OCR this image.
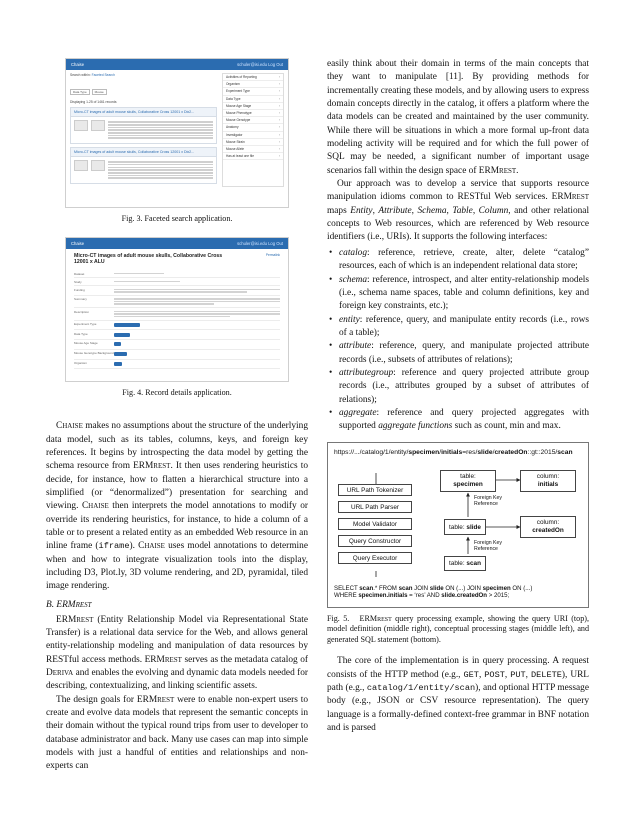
Chaise	schuler@isi.edu Log Out
Search within: Faceted Search
Data Type	Mouse
Displaying 1-25 of 1461 records
Micro-CT images of adult mouse skulls, Collaborative Cross 12001 x Dix2...
Micro-CT images of adult mouse skulls, Collaborative Cross 12001 x Dix2...
Activities of Reporting	›
Organism	›
Experiment Type	›
Data Type	›
Mouse Age Stage	›
Mouse Phenotype	›
Mouse Genotype	›
Anatomy	›
Investigator	›
Mouse Strain	›
Mouse Allele	›
Has at least one file	›
Fig. 3. Faceted search application.
Chaise	schuler@isi.edu Log Out
Micro-CT images of adult mouse skulls, Collaborative Cross 12001 x ALU
Permalink
Dataset
Study
Funding
Summary
Description
Experiment Type
Data Type
Mouse Age Stage
Mouse Genotype Background
Organism
Fig. 4. Record details application.

Chaise makes no assumptions about the structure of the underlying data model, such as its tables, columns, keys, and foreign key references. It begins by introspecting the data model by getting the schema resource from ERMrest. It then uses rendering heuristics to decide, for instance, how to flatten a hierarchical structure into a simplified (or “denormalized”) presentation for searching and viewing. Chaise then interprets the model annotations to modify or override its rendering heuristics, for instance, to hide a column of a table or to present a related entity as an embedded Web resource in an inline frame (iframe). Chaise uses model annotations to determine when and how to integrate visualization tools into the display, including D3, Plot.ly, 3D volume rendering, and 2D, pyramidal, tiled image rendering.

B. ERMrest

ERMrest (Entity Relationship Model via Representational State Transfer) is a relational data service for the Web, and allows general entity-relationship modeling and manipulation of data resources by RESTful access methods. ERMrest serves as the metadata catalog of Deriva and enables the evolving and dynamic data models needed for describing, contextualizing, and linking scientific assets.

The design goals for ERMrest were to enable non-expert users to create and evolve data models that represent the semantic concepts in their domain without the typical round trips from user to developer to database administrator and back. Many use cases can map into simple models with just a handful of entities and relationships and non-experts can

easily think about their domain in terms of the main concepts that they want to manipulate [11]. By providing methods for incrementally creating these models, and by allowing users to express domain concepts directly in the catalog, it offers a platform where the data models can be created and maintained by the user community. While there will be situations in which a more formal up-front data modeling activity will be required and for which the full power of SQL may be needed, a significant number of important usage scenarios fall within the design space of ERMrest.

Our approach was to develop a service that supports resource manipulation idioms common to RESTful Web services. ERMrest maps Entity, Attribute, Schema, Table, Column, and other relational concepts to Web resources, which are referenced by Web resource identifiers (i.e., URIs). It supports the following interfaces:

• catalog: reference, retrieve, create, alter, delete “catalog” resources, each of which is an independent relational data store;
• schema: reference, introspect, and alter entity-relationship models (i.e., schema name spaces, table and column definitions, key and foreign key constraints, etc.);
• entity: reference, query, and manipulate entity records (i.e., rows of a table);
• attribute: reference, query, and manipulate projected attribute records (i.e., subsets of attributes of relations);
• attributegroup: reference and query projected attribute group records (i.e., attributes grouped by a subset of attributes of relations);
• aggregate: reference and query projected aggregates with supported aggregate functions such as count, min and max.
https://.../catalog/1/entity/specimen/initials=res/slide/createdOn::gt::2015/scan
URL Path Tokenizer
URL Path Parser
Model Validator
Query Constructor
Query Executor
table:
specimen
column:
initials
Foreign Key
Reference
table: slide
column:
createdOn
Foreign Key
Reference
table: scan
SELECT scan.* FROM scan JOIN slide ON (...) JOIN specimen ON (...)
WHERE specimen.initials = ‘res’ AND slide.createdOn > 2015;

Fig. 5. ERMrest query processing example, showing the query URI (top), model definition (middle right), conceptual processing stages (middle left), and generated SQL statement (bottom).

The core of the implementation is in query processing. A request consists of the HTTP method (e.g., GET, POST, PUT, DELETE), URL path (e.g., catalog/1/entity/scan), and optional HTTP message body (e.g., JSON or CSV resource representation). The query language is a formally-defined context-free grammar in BNF notation and is parsed
